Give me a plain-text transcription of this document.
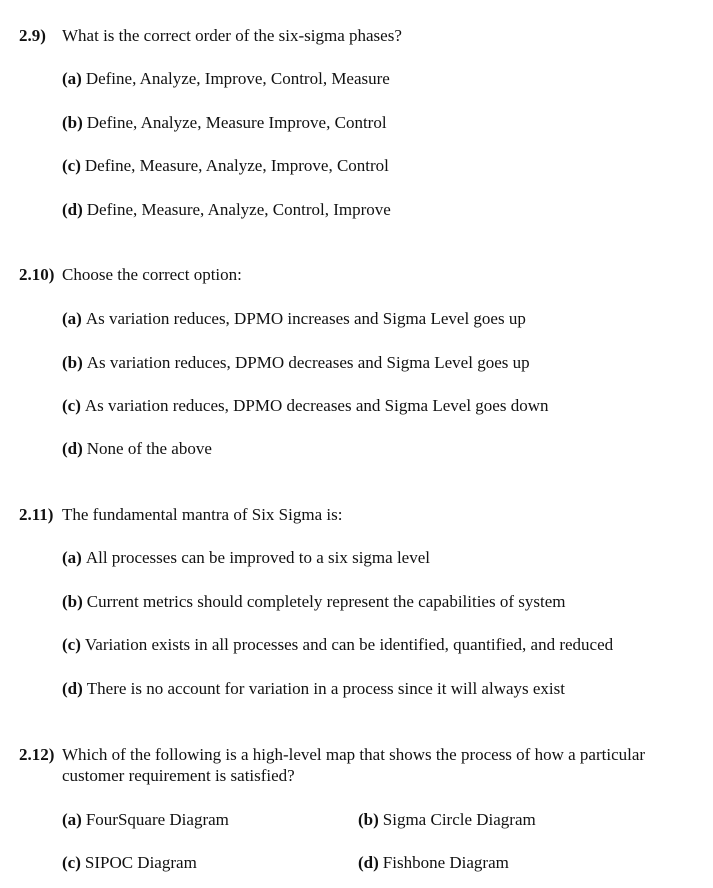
2.9) What is the correct order of the six-sigma phases?
(a) Define, Analyze, Improve, Control, Measure
(b) Define, Analyze, Measure Improve, Control
(c) Define, Measure, Analyze, Improve, Control
(d) Define, Measure, Analyze, Control, Improve
2.10) Choose the correct option:
(a) As variation reduces, DPMO increases and Sigma Level goes up
(b) As variation reduces, DPMO decreases and Sigma Level goes up
(c) As variation reduces, DPMO decreases and Sigma Level goes down
(d) None of the above
2.11) The fundamental mantra of Six Sigma is:
(a) All processes can be improved to a six sigma level
(b) Current metrics should completely represent the capabilities of system
(c) Variation exists in all processes and can be identified, quantified, and reduced
(d) There is no account for variation in a process since it will always exist
2.12) Which of the following is a high-level map that shows the process of how a particular customer requirement is satisfied?
(a) FourSquare Diagram	(b) Sigma Circle Diagram
(c) SIPOC Diagram	(d) Fishbone Diagram
